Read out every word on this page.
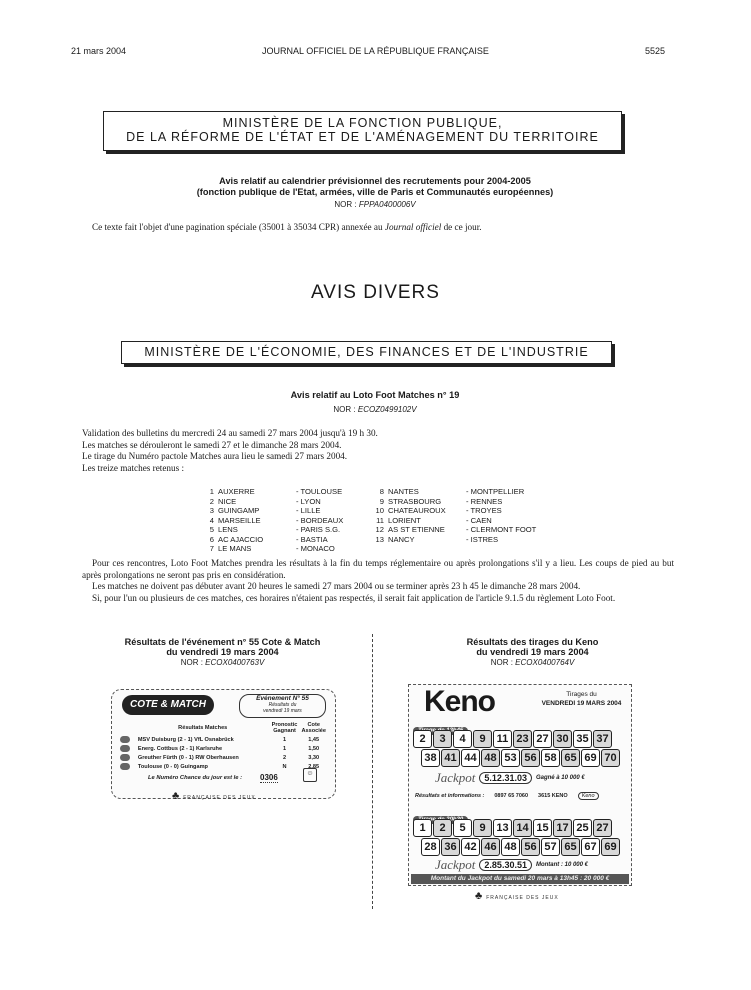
21 mars 2004	JOURNAL OFFICIEL DE LA RÉPUBLIQUE FRANÇAISE	5525
MINISTÈRE DE LA FONCTION PUBLIQUE,
DE LA RÉFORME DE L'ÉTAT ET DE L'AMÉNAGEMENT DU TERRITOIRE
Avis relatif au calendrier prévisionnel des recrutements pour 2004-2005
(fonction publique de l'Etat, armées, ville de Paris et Communautés européennes)
NOR : FPPA0400006V
Ce texte fait l'objet d'une pagination spéciale (35001 à 35034 CPR) annexée au Journal officiel de ce jour.
AVIS DIVERS
MINISTÈRE DE L'ÉCONOMIE, DES FINANCES ET DE L'INDUSTRIE
Avis relatif au Loto Foot Matches n° 19
NOR : ECOZ0499102V

Validation des bulletins du mercredi 24 au samedi 27 mars 2004 jusqu'à 19 h 30.

Les matches se dérouleront le samedi 27 et le dimanche 28 mars 2004.

Le tirage du Numéro pactole Matches aura lieu le samedi 27 mars 2004.

Les treize matches retenus :

1	AUXERRE	- TOULOUSE
2	NICE	- LYON
3	GUINGAMP	- LILLE
4	MARSEILLE	- BORDEAUX
5	LENS	- PARIS S.G.
6	AC AJACCIO	- BASTIA
7	LE MANS	- MONACO
8	NANTES	- MONTPELLIER
9	STRASBOURG	- RENNES
10	CHATEAUROUX	- TROYES
11	LORIENT	- CAEN
12	AS ST ETIENNE	- CLERMONT FOOT
13	NANCY	- ISTRES

Pour ces rencontres, Loto Foot Matches prendra les résultats à la fin du temps réglementaire ou après prolongations s'il y a lieu. Les coups de pied au but après prolongations ne seront pas pris en considération.

Les matches ne doivent pas débuter avant 20 heures le samedi 27 mars 2004 ou se terminer après 23 h 45 le dimanche 28 mars 2004.

Si, pour l'un ou plusieurs de ces matches, ces horaires n'étaient pas respectés, il serait fait application de l'article 9.1.5 du règlement Loto Foot.

Résultats de l'événement n° 55 Cote & Match
du vendredi 19 mars 2004
NOR : ECOX0400763V
COTE & MATCH
Événement N° 55
Résultats du
vendredi 19 mars
	Résultats Matches	Pronostic Gagnant	Cote Associée
	MSV Duisburg (2 - 1) VfL Osnabrück	1	1,45
	Energ. Cottbus (2 - 1) Karlsruhe	1	1,50
	Greuther Fürth (0 - 1) RW Oberhausen	2	3,30
	Toulouse (0 - 0) Guingamp	N	2,85
Le Numéro Chance du jour est le : 0306	☺
♣ FRANÇAISE DES JEUX
Résultats des tirages du Keno
du vendredi 19 mars 2004
NOR : ECOX0400764V
Keno	Tirages du
VENDREDI 19 MARS 2004
2	3	4	9	11 23 27 30 35 37
38 41 44 48 53 56 58 65 69 70
Jackpot	5.12.31.03	Gagné à 10 000 €
Résultats et informations : 0897 65 7060 3615 KENO	Keno
1	2	5	9 13 14 15 17 25 27
28 36 42 46 48 56 57 65 67 69
Jackpot	2.85.30.51	Montant : 10 000 €
Montant du Jackpot du samedi 20 mars à 13h45 : 20 000 €
♣ FRANÇAISE DES JEUX
